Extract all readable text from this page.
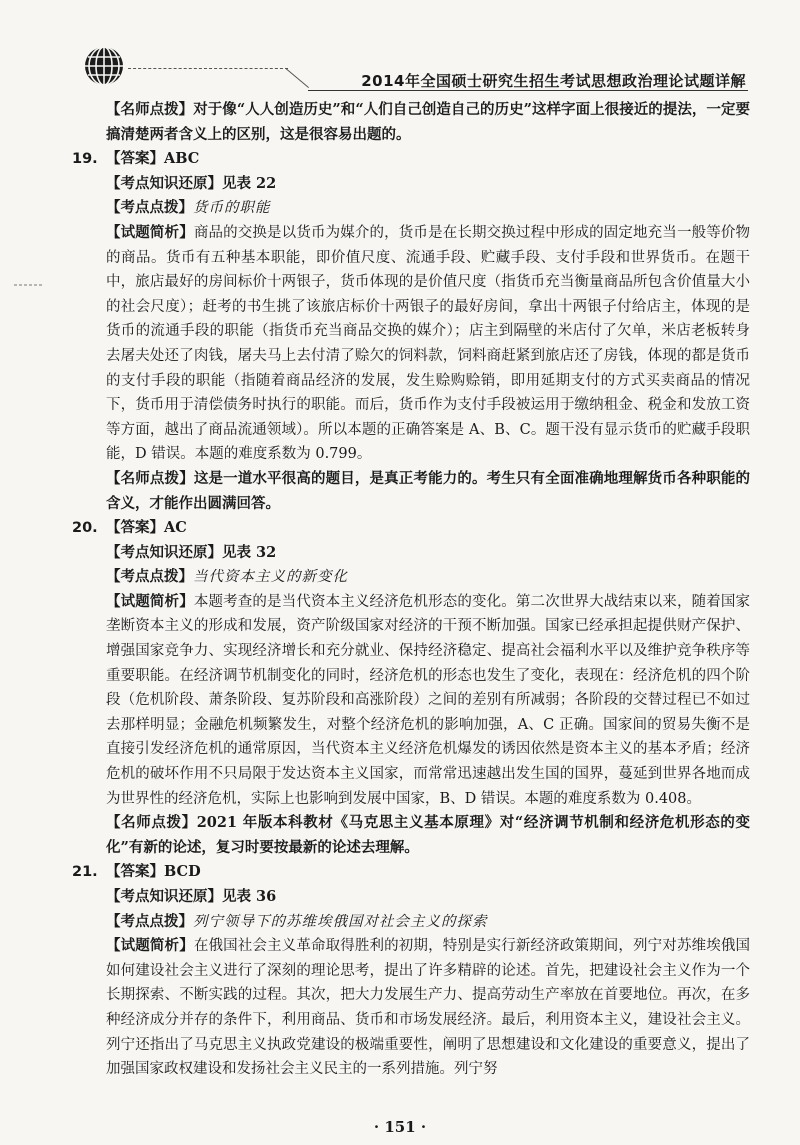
2014年全国硕士研究生招生考试思想政治理论试题详解

【名师点拨】对于像“人人创造历史”和“人们自己创造自己的历史”这样字面上很接近的提法，一定要搞清楚两者含义上的区别，这是很容易出题的。

19. 【答案】ABC

【考点知识还原】见表 22

【考点点拨】货币的职能

【试题简析】商品的交换是以货币为媒介的，货币是在长期交换过程中形成的固定地充当一般等价物的商品。货币有五种基本职能，即价值尺度、流通手段、贮藏手段、支付手段和世界货币。在题干中，旅店最好的房间标价十两银子，货币体现的是价值尺度（指货币充当衡量商品所包含价值量大小的社会尺度）；赶考的书生挑了该旅店标价十两银子的最好房间，拿出十两银子付给店主，体现的是货币的流通手段的职能（指货币充当商品交换的媒介）；店主到隔壁的米店付了欠单，米店老板转身去屠夫处还了肉钱，屠夫马上去付清了赊欠的饲料款，饲料商赶紧到旅店还了房钱，体现的都是货币的支付手段的职能（指随着商品经济的发展，发生赊购赊销，即用延期支付的方式买卖商品的情况下，货币用于清偿债务时执行的职能。而后，货币作为支付手段被运用于缴纳租金、税金和发放工资等方面，越出了商品流通领域）。所以本题的正确答案是 A、B、C。题干没有显示货币的贮藏手段职能，D 错误。本题的难度系数为 0.799。

【名师点拨】这是一道水平很高的题目，是真正考能力的。考生只有全面准确地理解货币各种职能的含义，才能作出圆满回答。

20. 【答案】AC

【考点知识还原】见表 32

【考点点拨】当代资本主义的新变化

【试题简析】本题考查的是当代资本主义经济危机形态的变化。第二次世界大战结束以来，随着国家垄断资本主义的形成和发展，资产阶级国家对经济的干预不断加强。国家已经承担起提供财产保护、增强国家竞争力、实现经济增长和充分就业、保持经济稳定、提高社会福利水平以及维护竞争秩序等重要职能。在经济调节机制变化的同时，经济危机的形态也发生了变化，表现在：经济危机的四个阶段（危机阶段、萧条阶段、复苏阶段和高涨阶段）之间的差别有所减弱；各阶段的交替过程已不如过去那样明显；金融危机频繁发生，对整个经济危机的影响加强，A、C 正确。国家间的贸易失衡不是直接引发经济危机的通常原因，当代资本主义经济危机爆发的诱因依然是资本主义的基本矛盾；经济危机的破坏作用不只局限于发达资本主义国家，而常常迅速越出发生国的国界，蔓延到世界各地而成为世界性的经济危机，实际上也影响到发展中国家，B、D 错误。本题的难度系数为 0.408。

【名师点拨】2021 年版本科教材《马克思主义基本原理》对“经济调节机制和经济危机形态的变化”有新的论述，复习时要按最新的论述去理解。

21. 【答案】BCD

【考点知识还原】见表 36

【考点点拨】列宁领导下的苏维埃俄国对社会主义的探索

【试题简析】在俄国社会主义革命取得胜利的初期，特别是实行新经济政策期间，列宁对苏维埃俄国如何建设社会主义进行了深刻的理论思考，提出了许多精辟的论述。首先，把建设社会主义作为一个长期探索、不断实践的过程。其次，把大力发展生产力、提高劳动生产率放在首要地位。再次，在多种经济成分并存的条件下，利用商品、货币和市场发展经济。最后，利用资本主义，建设社会主义。列宁还指出了马克思主义执政党建设的极端重要性，阐明了思想建设和文化建设的重要意义，提出了加强国家政权建设和发扬社会主义民主的一系列措施。列宁努

· 151 ·
